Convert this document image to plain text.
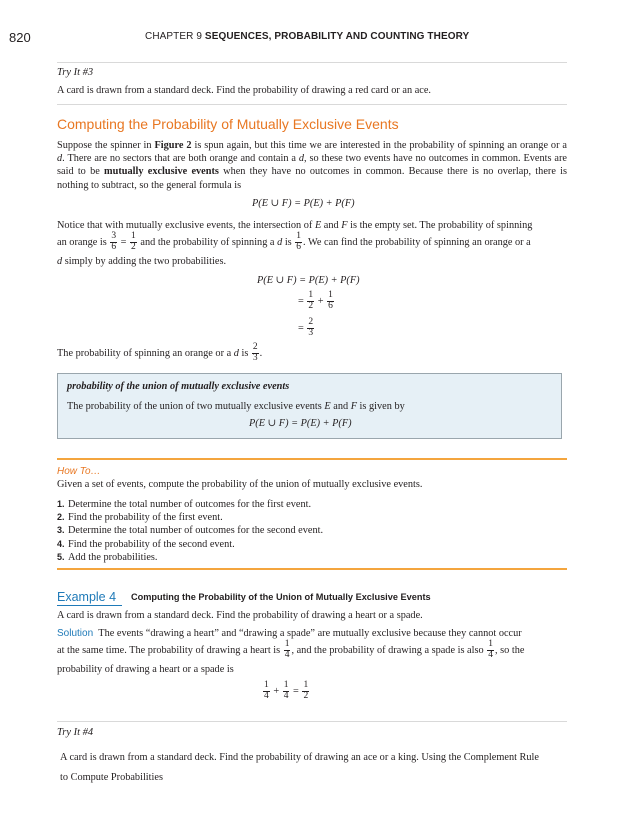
820	CHAPTER 9 SEQUENCES, PROBABILITY AND COUNTING THEORY
Try It #3
A card is drawn from a standard deck. Find the probability of drawing a red card or an ace.
Computing the Probability of Mutually Exclusive Events
Suppose the spinner in Figure 2 is spun again, but this time we are interested in the probability of spinning an orange or a d. There are no sectors that are both orange and contain a d, so these two events have no outcomes in common. Events are said to be mutually exclusive events when they have no outcomes in common. Because there is no overlap, there is nothing to subtract, so the general formula is
P(E ∪ F) = P(E) + P(F)
Notice that with mutually exclusive events, the intersection of E and F is the empty set. The probability of spinning
an orange is $\frac{3}{6} = \frac{1}{2}$ and the probability of spinning a d is $\frac{1}{6}$ . We can find the probability of spinning an orange or a
d simply by adding the two probabilities.
P(E ∪ F) = P(E) + P(F)
= $\frac{1}{2} + \frac{1}{6}$
= $\frac{2}{3}$
The probability of spinning an orange or a d is $\frac{2}{3}$ .
probability of the union of mutually exclusive events
The probability of the union of two mutually exclusive events E and F is given by
P(E ∪ F) = P(E) + P(F)
How To…
Given a set of events, compute the probability of the union of mutually exclusive events.
1. Determine the total number of outcomes for the first event.
2. Find the probability of the first event.
3. Determine the total number of outcomes for the second event.
4. Find the probability of the second event.
5. Add the probabilities.
Example 4 Computing the Probability of the Union of Mutually Exclusive Events
A card is drawn from a standard deck. Find the probability of drawing a heart or a spade.
Solution The events “drawing a heart” and “drawing a spade” are mutually exclusive because they cannot occur
at the same time. The probability of drawing a heart is $\frac{1}{4}$ , and the probability of drawing a spade is also $\frac{1}{4}$ , so the
probability of drawing a heart or a spade is
$\frac{1}{4} + \frac{1}{4} = \frac{1}{2}$
Try It #4
A card is drawn from a standard deck. Find the probability of drawing an ace or a king. Using the Complement Rule
to Compute Probabilities
